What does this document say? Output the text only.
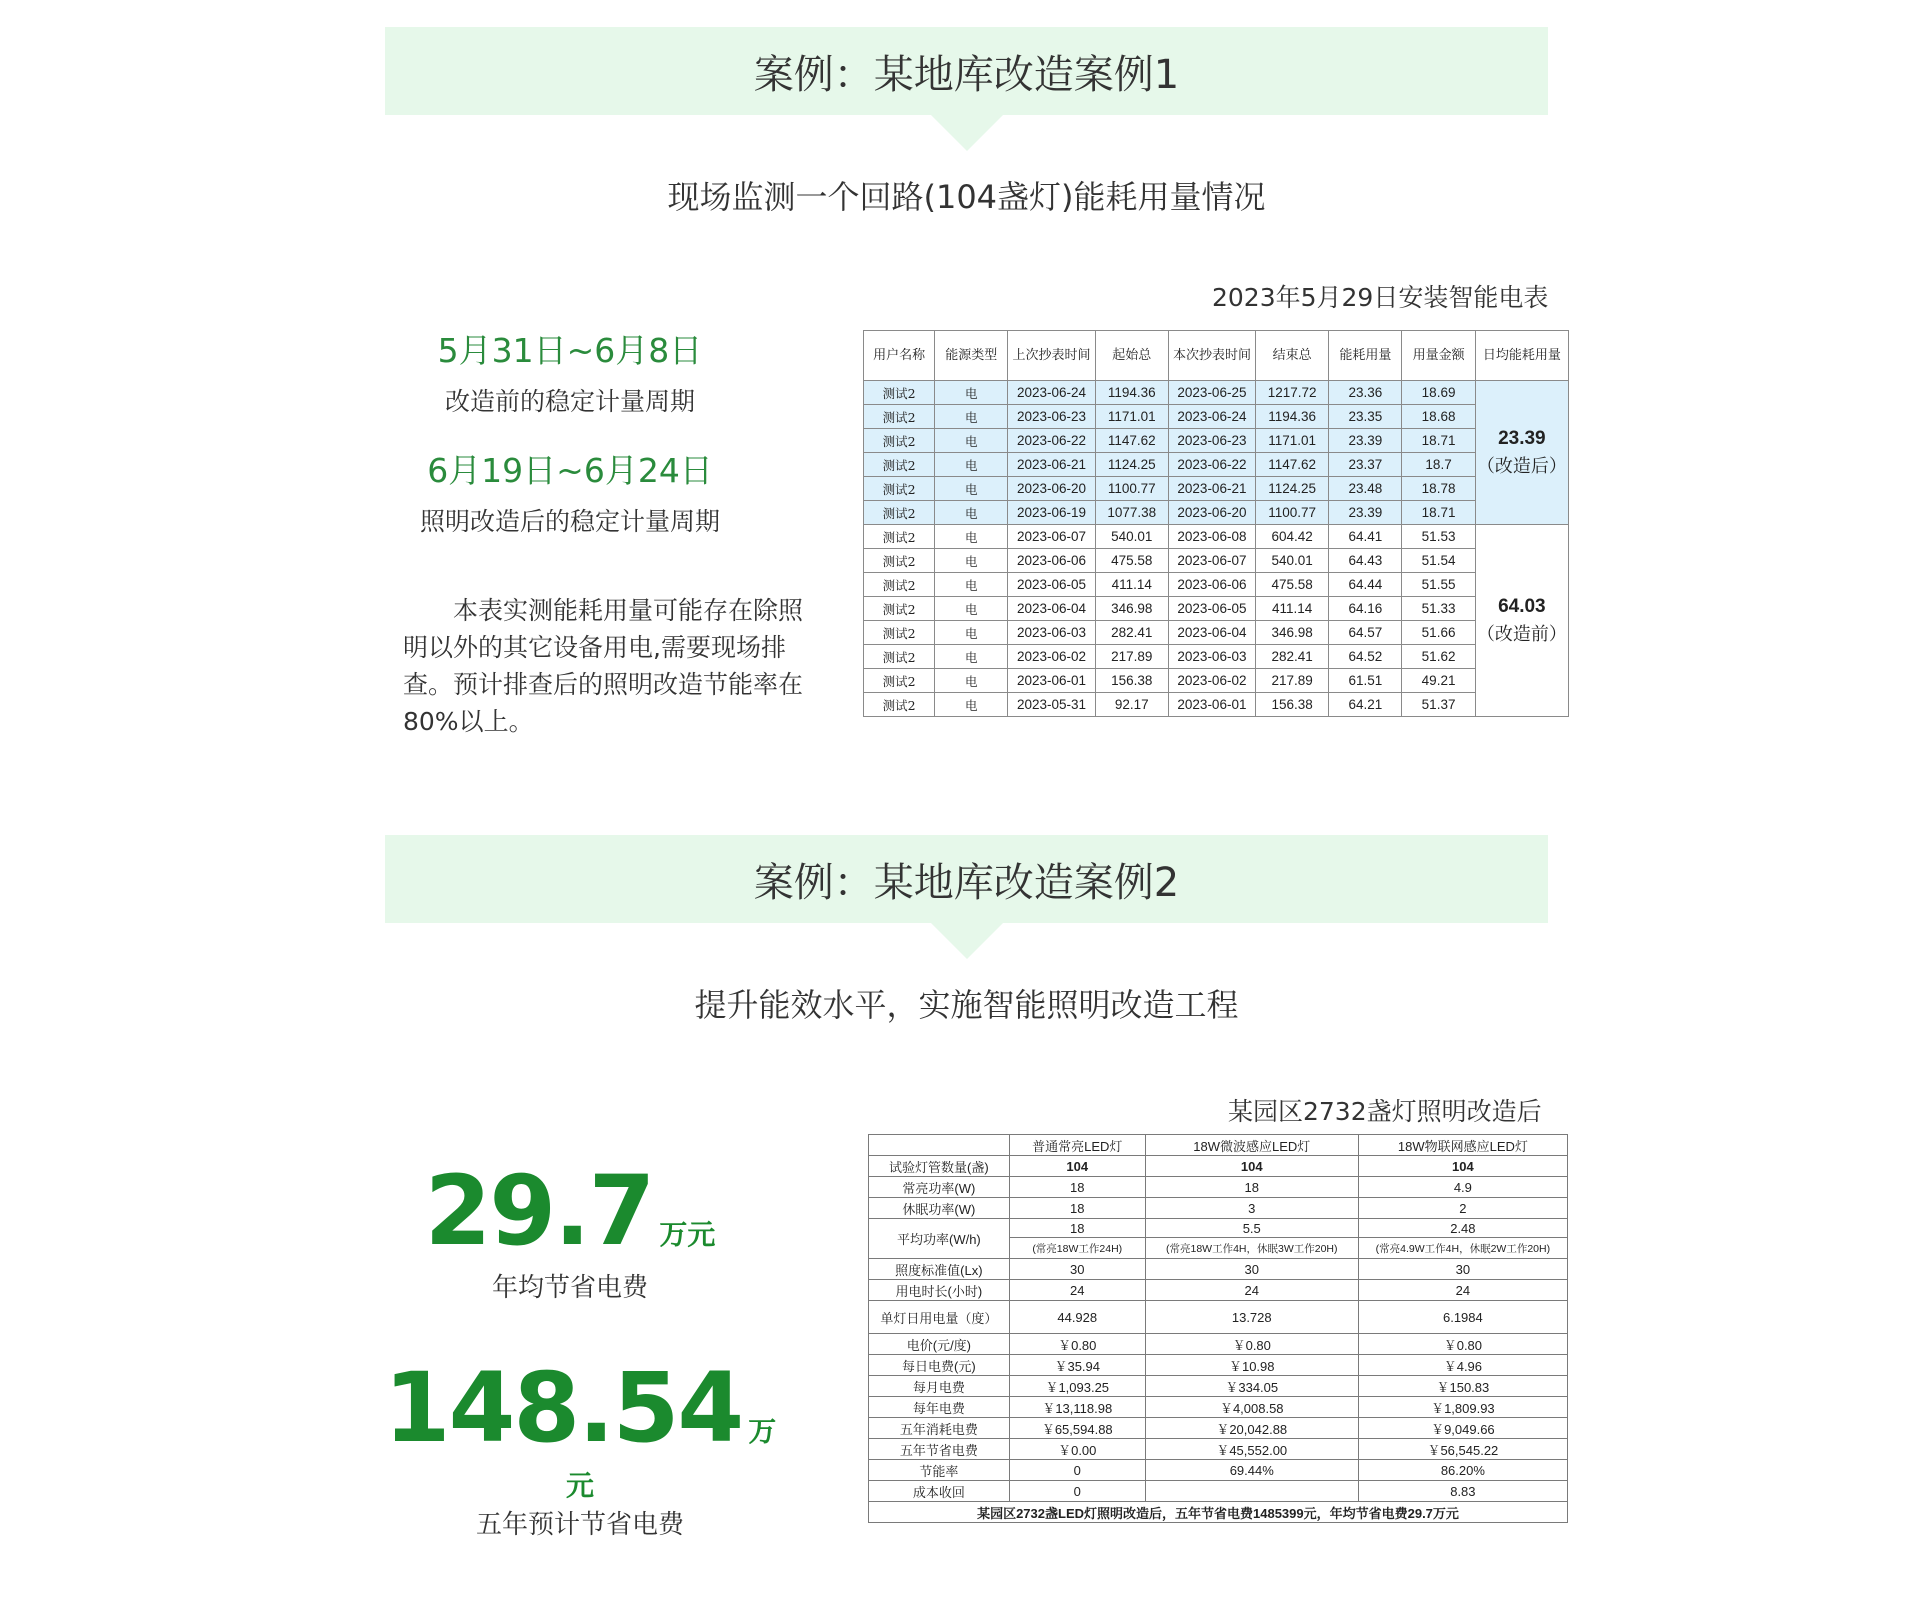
案例：某地库改造案例1
现场监测一个回路(104盏灯)能耗用量情况
2023年5月29日安装智能电表
5月31日~6月8日
改造前的稳定计量周期
6月19日~6月24日
照明改造后的稳定计量周期
本表实测能耗用量可能存在除照明以外的其它设备用电,需要现场排查。预计排查后的照明改造节能率在80%以上。
用户名称	能源类型	上次抄表时间	起始总	本次抄表时间	结束总	能耗用量	用量金额	日均能耗用量
测试2	电	2023-06-24	1194.36	2023-06-25	1217.72	23.36	18.69	23.39
（改造后）

测试2	电	2023-06-23	1171.01	2023-06-24	1194.36	23.35	18.68	
测试2	电	2023-06-22	1147.62	2023-06-23	1171.01	23.39	18.71	
测试2	电	2023-06-21	1124.25	2023-06-22	1147.62	23.37	18.7	
测试2	电	2023-06-20	1100.77	2023-06-21	1124.25	23.48	18.78	
测试2	电	2023-06-19	1077.38	2023-06-20	1100.77	23.39	18.71	
测试2	电	2023-06-07	540.01	2023-06-08	604.42	64.41	51.53	64.03
（改造前）

测试2	电	2023-06-06	475.58	2023-06-07	540.01	64.43	51.54	
测试2	电	2023-06-05	411.14	2023-06-06	475.58	64.44	51.55	
测试2	电	2023-06-04	346.98	2023-06-05	411.14	64.16	51.33	
测试2	电	2023-06-03	282.41	2023-06-04	346.98	64.57	51.66	
测试2	电	2023-06-02	217.89	2023-06-03	282.41	64.52	51.62	
测试2	电	2023-06-01	156.38	2023-06-02	217.89	61.51	49.21	
测试2	电	2023-05-31	92.17	2023-06-01	156.38	64.21	51.37	
案例：某地库改造案例2
提升能效水平，实施智能照明改造工程
某园区2732盏灯照明改造后
29.7 万元
年均节省电费
148.54 万元
五年预计节省电费
	普通常亮LED灯	18W微波感应LED灯	18W物联网感应LED灯
试验灯管数量(盏)	104	104	104
常亮功率(W)	18	18	4.9
休眠功率(W)	18	3	2
平均功率(W/h)	18	5.5	2.48
	(常亮18W工作24H)	(常亮18W工作4H，休眠3W工作20H)	(常亮4.9W工作4H，休眠2W工作20H)
照度标准值(Lx)	30	30	30
用电时长(小时)	24	24	24
单灯日用电量（度）	44.928	13.728	6.1984
电价(元/度)	￥0.80	￥0.80	￥0.80
每日电费(元)	￥35.94	￥10.98	￥4.96
每月电费	￥1,093.25	￥334.05	￥150.83
每年电费	￥13,118.98	￥4,008.58	￥1,809.93
五年消耗电费	￥65,594.88	￥20,042.88	￥9,049.66
五年节省电费	￥0.00	￥45,552.00	￥56,545.22
节能率	0	69.44%	86.20%
成本收回	0		8.83
某园区2732盏LED灯照明改造后，五年节省电费1485399元，年均节省电费29.7万元			
